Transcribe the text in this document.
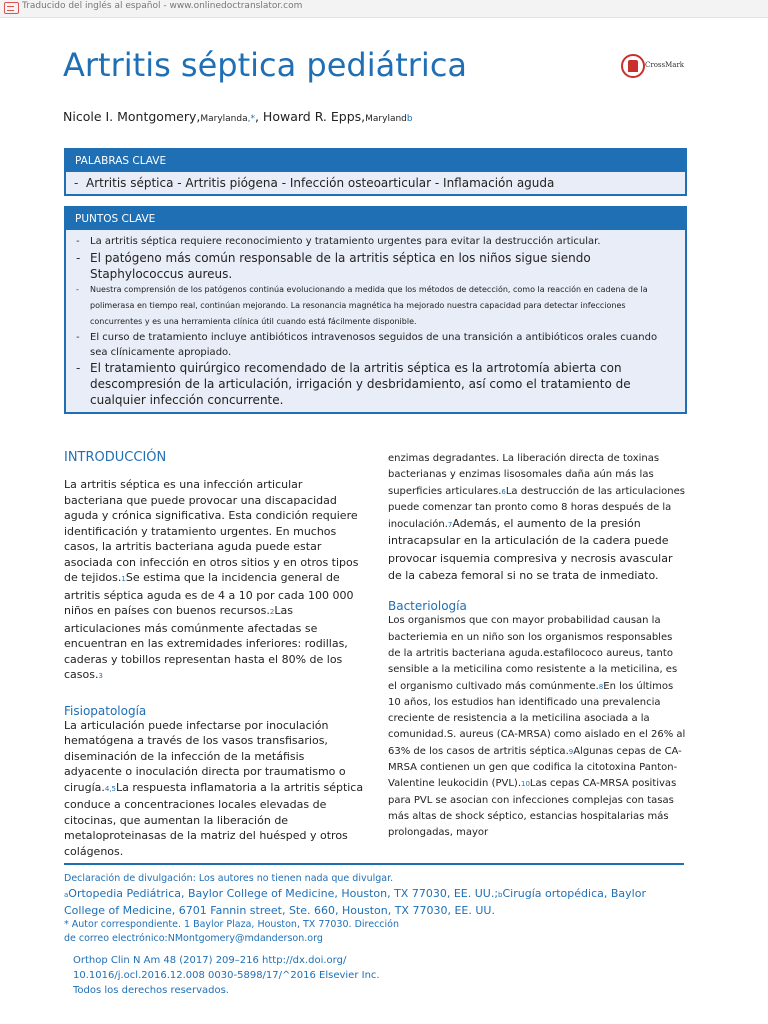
Traducido del inglés al español - www.onlinedoctranslator.com
Artritis séptica pediátrica	CrossMark
Nicole I. Montgomery,Marylanda,*, Howard R. Epps,Marylandb
PALABRAS CLAVE
- Artritis séptica - Artritis piógena - Infección osteoarticular - Inflamación aguda
PUNTOS CLAVE
- La artritis séptica requiere reconocimiento y tratamiento urgentes para evitar la destrucción articular.
- El patógeno más común responsable de la artritis séptica en los niños sigue siendo Staphylococcus aureus.
- Nuestra comprensión de los patógenos continúa evolucionando a medida que los métodos de detección, como la reacción en cadena de la polimerasa en tiempo real, continúan mejorando. La resonancia magnética ha mejorado nuestra capacidad para detectar infecciones concurrentes y es una herramienta clínica útil cuando está fácilmente disponible.
- El curso de tratamiento incluye antibióticos intravenosos seguidos de una transición a antibióticos orales cuando sea clínicamente apropiado.
- El tratamiento quirúrgico recomendado de la artritis séptica es la artrotomía abierta con descompresión de la articulación, irrigación y desbridamiento, así como el tratamiento de cualquier infección concurrente.
INTRODUCCIÓN

La artritis séptica es una infección articular bacteriana que puede provocar una discapacidad aguda y crónica significativa. Esta condición requiere identificación y tratamiento urgentes. En muchos casos, la artritis bacteriana aguda puede estar asociada con infección en otros sitios y en otros tipos de tejidos.1Se estima que la incidencia general de artritis séptica aguda es de 4 a 10 por cada 100 000 niños en países con buenos recursos.2Las articulaciones más comúnmente afectadas se encuentran en las extremidades inferiores: rodillas, caderas y tobillos representan hasta el 80% de los casos.3

Fisiopatología

La articulación puede infectarse por inoculación hematógena a través de los vasos transfisarios, diseminación de la infección de la metáfisis adyacente o inoculación directa por traumatismo o cirugía.4,5La respuesta inflamatoria a la artritis séptica conduce a concentraciones locales elevadas de citocinas, que aumentan la liberación de metaloproteinasas de la matriz del huésped y otros colágenos.

enzimas degradantes. La liberación directa de toxinas bacterianas y enzimas lisosomales daña aún más las superficies articulares.6La destrucción de las articulaciones puede comenzar tan pronto como 8 horas después de la inoculación.7Además, el aumento de la presión intracapsular en la articulación de la cadera puede provocar isquemia compresiva y necrosis avascular de la cabeza femoral si no se trata de inmediato.

Bacteriología

Los organismos que con mayor probabilidad causan la bacteriemia en un niño son los organismos responsables de la artritis bacteriana aguda.estafilococo aureus, tanto sensible a la meticilina como resistente a la meticilina, es el organismo cultivado más comúnmente.8En los últimos 10 años, los estudios han identificado una prevalencia creciente de resistencia a la meticilina asociada a la comunidad.S. aureus (CA-MRSA) como aislado en el 26% al 63% de los casos de artritis séptica.9Algunas cepas de CA-MRSA contienen un gen que codifica la citotoxina Panton-Valentine leukocidin (PVL).10Las cepas CA-MRSA positivas para PVL se asocian con infecciones complejas con tasas más altas de shock séptico, estancias hospitalarias más prolongadas, mayor

Declaración de divulgación: Los autores no tienen nada que divulgar.
aOrtopedia Pediátrica, Baylor College of Medicine, Houston, TX 77030, EE. UU.;bCirugía ortopédica, Baylor College of Medicine, 6701 Fannin street, Ste. 660, Houston, TX 77030, EE. UU.
* Autor correspondiente. 1 Baylor Plaza, Houston, TX 77030. Dirección
de correo electrónico:NMontgomery@mdanderson.org
Orthop Clin N Am 48 (2017) 209–216 http://dx.doi.org/
10.1016/j.ocl.2016.12.008 0030-5898/17/^2016 Elsevier Inc.
Todos los derechos reservados.
